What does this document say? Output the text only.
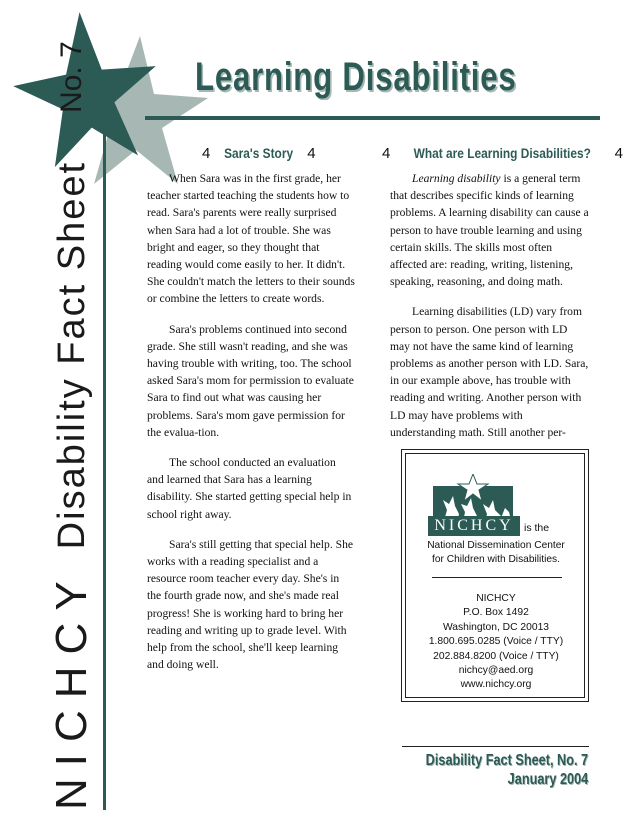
NICHCY
Disability Fact Sheet
No. 7	Learning Disabilities
4 Sara's Story 4	4 What are Learning Disabilities? 4

When Sara was in the first grade, her teacher started teaching the students how to read. Sara's parents were really surprised when Sara had a lot of trouble. She was bright and eager, so they thought that reading would come easily to her. It didn't. She couldn't match the letters to their sounds or combine the letters to create words.

Sara's problems continued into second grade. She still wasn't reading, and she was having trouble with writing, too. The school asked Sara's mom for permission to evaluate Sara to find out what was causing her problems. Sara's mom gave permission for the evalua-tion.

The school conducted an evaluation and learned that Sara has a learning disability. She started getting special help in school right away.

Sara's still getting that special help. She works with a reading specialist and a resource room teacher every day. She's in the fourth grade now, and she's made real progress! She is working hard to bring her reading and writing up to grade level. With help from the school, she'll keep learning and doing well.

Learning disability is a general term that describes specific kinds of learning problems. A learning disability can cause a person to have trouble learning and using certain skills. The skills most often affected are: reading, writing, listening, speaking, reasoning, and doing math.

Learning disabilities (LD) vary from person to person. One person with LD may not have the same kind of learning problems as another person with LD. Sara, in our example above, has trouble with reading and writing. Another person with LD may have problems with understanding math. Still another per-

NICHCY is the
National Dissemination Center
for Children with Disabilities.
NICHCY
P.O. Box 1492
Washington, DC 20013
1.800.695.0285 (Voice / TTY)
202.884.8200 (Voice / TTY)
nichcy@aed.org
www.nichcy.org
Disability Fact Sheet, No. 7
January 2004
